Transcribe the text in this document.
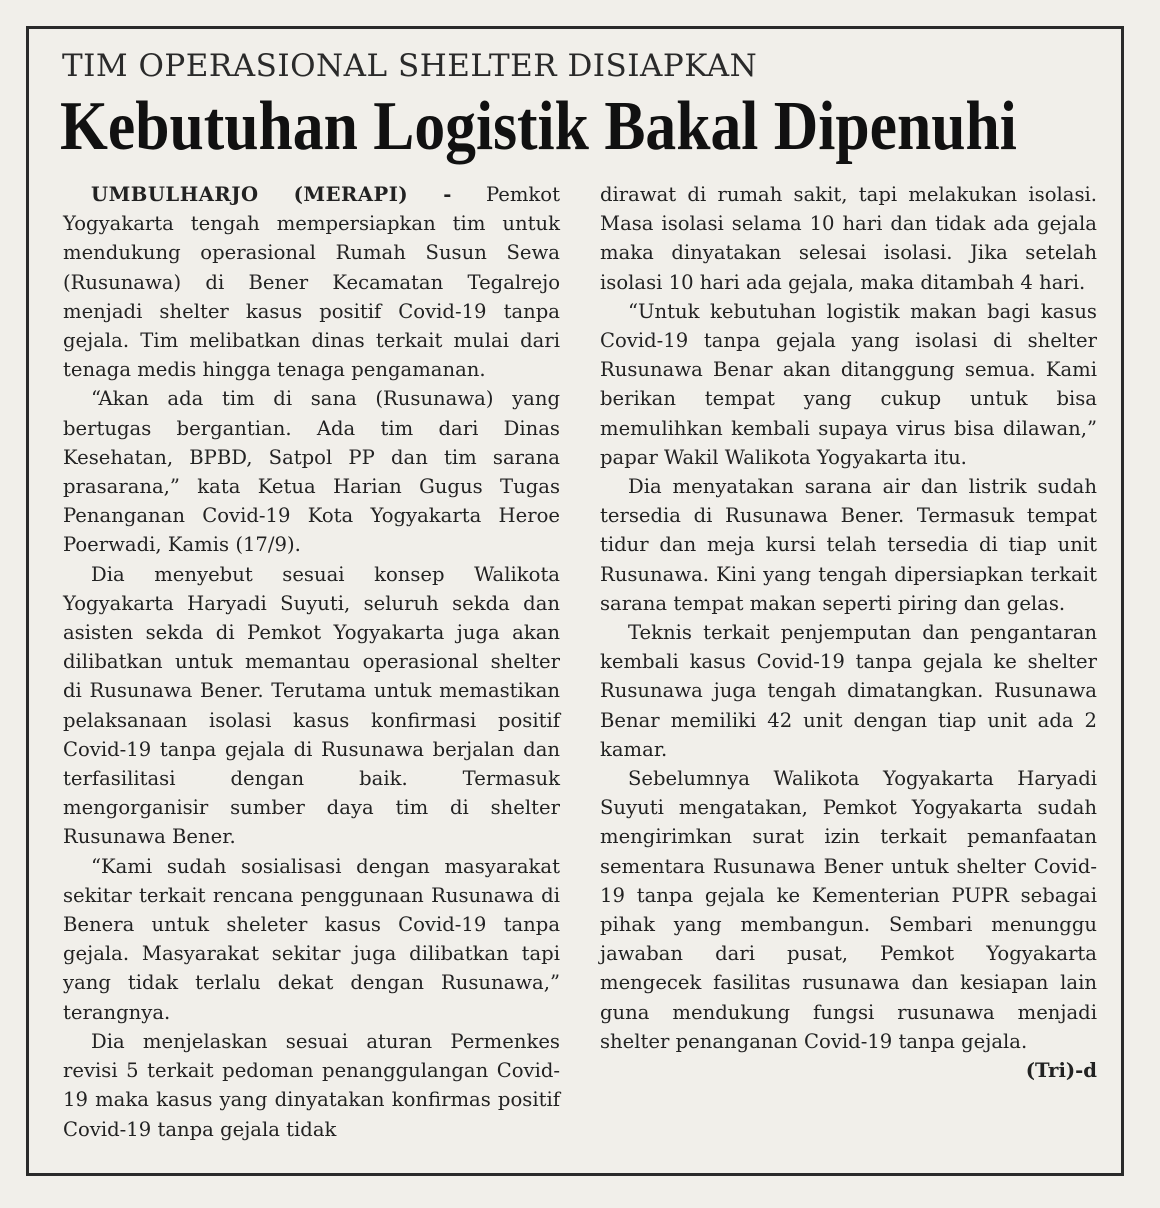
TIM OPERASIONAL SHELTER DISIAPKAN
Kebutuhan Logistik Bakal Dipenuhi

UMBULHARJO (MERAPI) - Pemkot Yogyakarta tengah mempersiapkan tim untuk mendukung operasional Rumah Susun Sewa (Rusunawa) di Bener Kecamatan Tegalrejo menjadi shelter kasus positif Covid-19 tanpa gejala. Tim melibatkan dinas terkait mulai dari tenaga medis hingga tenaga pengamanan.

“Akan ada tim di sana (Rusunawa) yang bertugas bergantian. Ada tim dari Dinas Kesehatan, BPBD, Satpol PP dan tim sarana prasarana,” kata Ketua Harian Gugus Tugas Penanganan Covid-19 Kota Yogyakarta Heroe Poerwadi, Kamis (17/9).

Dia menyebut sesuai konsep Walikota Yogyakarta Haryadi Suyuti, seluruh sekda dan asisten sekda di Pemkot Yogyakarta juga akan dilibatkan untuk memantau operasional shelter di Rusunawa Bener. Terutama untuk memastikan pelaksanaan isolasi kasus konfirmasi positif Covid-19 tanpa gejala di Rusunawa berjalan dan terfasilitasi dengan baik. Termasuk mengorganisir sumber daya tim di shelter Rusunawa Bener.

“Kami sudah sosialisasi dengan masyarakat sekitar terkait rencana penggunaan Rusunawa di Benera untuk sheleter kasus Covid-19 tanpa gejala. Masyarakat sekitar juga dilibatkan tapi yang tidak terlalu dekat dengan Rusunawa,” terangnya.

Dia menjelaskan sesuai aturan Permenkes revisi 5 terkait pedoman penanggulangan Covid-19 maka kasus yang dinyatakan konfirmas positif Covid-19 tanpa gejala tidak

dirawat di rumah sakit, tapi melakukan isolasi. Masa isolasi selama 10 hari dan tidak ada gejala maka dinyatakan selesai isolasi. Jika setelah isolasi 10 hari ada gejala, maka ditambah 4 hari.

“Untuk kebutuhan logistik makan bagi kasus Covid-19 tanpa gejala yang isolasi di shelter Rusunawa Benar akan ditanggung semua. Kami berikan tempat yang cukup untuk bisa memulihkan kembali supaya virus bisa dilawan,” papar Wakil Walikota Yogyakarta itu.

Dia menyatakan sarana air dan listrik sudah tersedia di Rusunawa Bener. Termasuk tempat tidur dan meja kursi telah tersedia di tiap unit Rusunawa. Kini yang tengah dipersiapkan terkait sarana tempat makan seperti piring dan gelas.

Teknis terkait penjemputan dan pengantaran kembali kasus Covid-19 tanpa gejala ke shelter Rusunawa juga tengah dimatangkan. Rusunawa Benar memiliki 42 unit dengan tiap unit ada 2 kamar.

Sebelumnya Walikota Yogyakarta Haryadi Suyuti mengatakan, Pemkot Yogyakarta sudah mengirimkan surat izin terkait pemanfaatan sementara Rusunawa Bener untuk shelter Covid-19 tanpa gejala ke Kementerian PUPR sebagai pihak yang membangun. Sembari menunggu jawaban dari pusat, Pemkot Yogyakarta mengecek fasilitas rusunawa dan kesiapan lain guna mendukung fungsi rusunawa menjadi shelter penanganan Covid-19 tanpa gejala.
(Tri)-d
